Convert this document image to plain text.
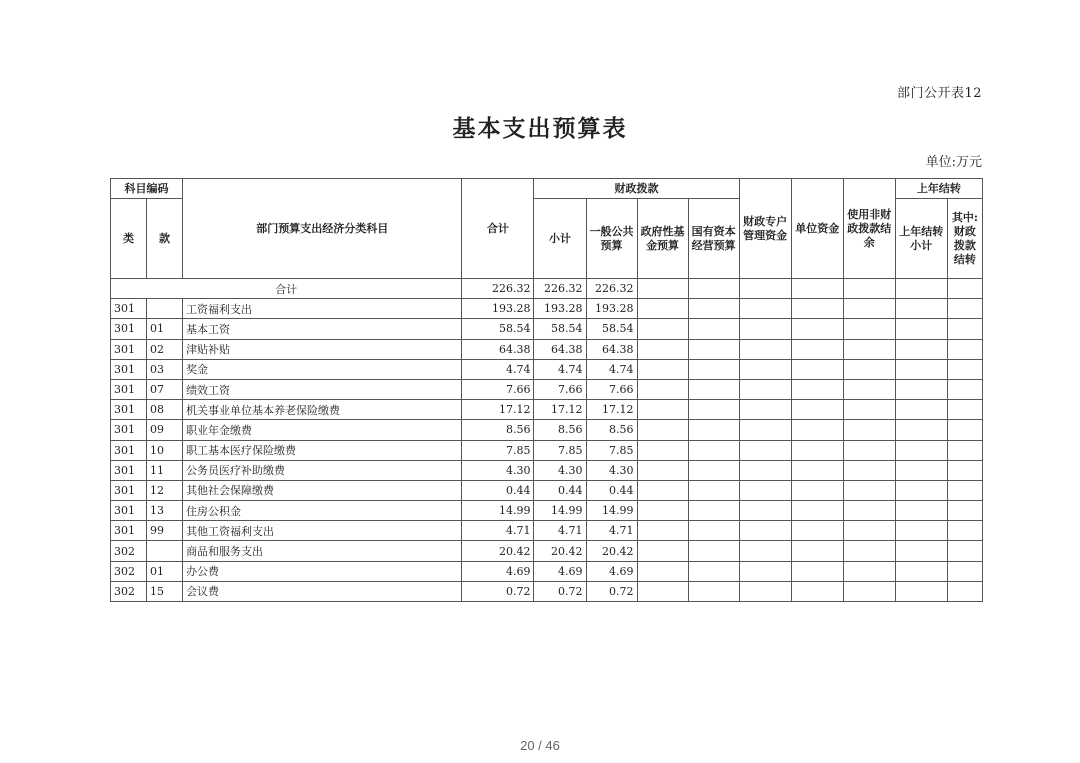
部门公开表12
基本支出预算表
单位:万元
科目编码		部门预算支出经济分类科目	合计	财政拨款				财政专户管理资金	单位资金	使用非财政拨款结余	上年结转	
类	款			小计	一般公共预算	政府性基金预算	国有资本经营预算				上年结转小计	其中:财政拨款结转
合计			226.32	226.32	226.32							
301		工资福利支出	193.28	193.28	193.28							
301	01	基本工资	58.54	58.54	58.54							
301	02	津贴补贴	64.38	64.38	64.38							
301	03	奖金	4.74	4.74	4.74							
301	07	绩效工资	7.66	7.66	7.66							
301	08	机关事业单位基本养老保险缴费	17.12	17.12	17.12							
301	09	职业年金缴费	8.56	8.56	8.56							
301	10	职工基本医疗保险缴费	7.85	7.85	7.85							
301	11	公务员医疗补助缴费	4.30	4.30	4.30							
301	12	其他社会保障缴费	0.44	0.44	0.44							
301	13	住房公积金	14.99	14.99	14.99							
301	99	其他工资福利支出	4.71	4.71	4.71							
302		商品和服务支出	20.42	20.42	20.42							
302	01	办公费	4.69	4.69	4.69							
302	15	会议费	0.72	0.72	0.72							
20 / 46
